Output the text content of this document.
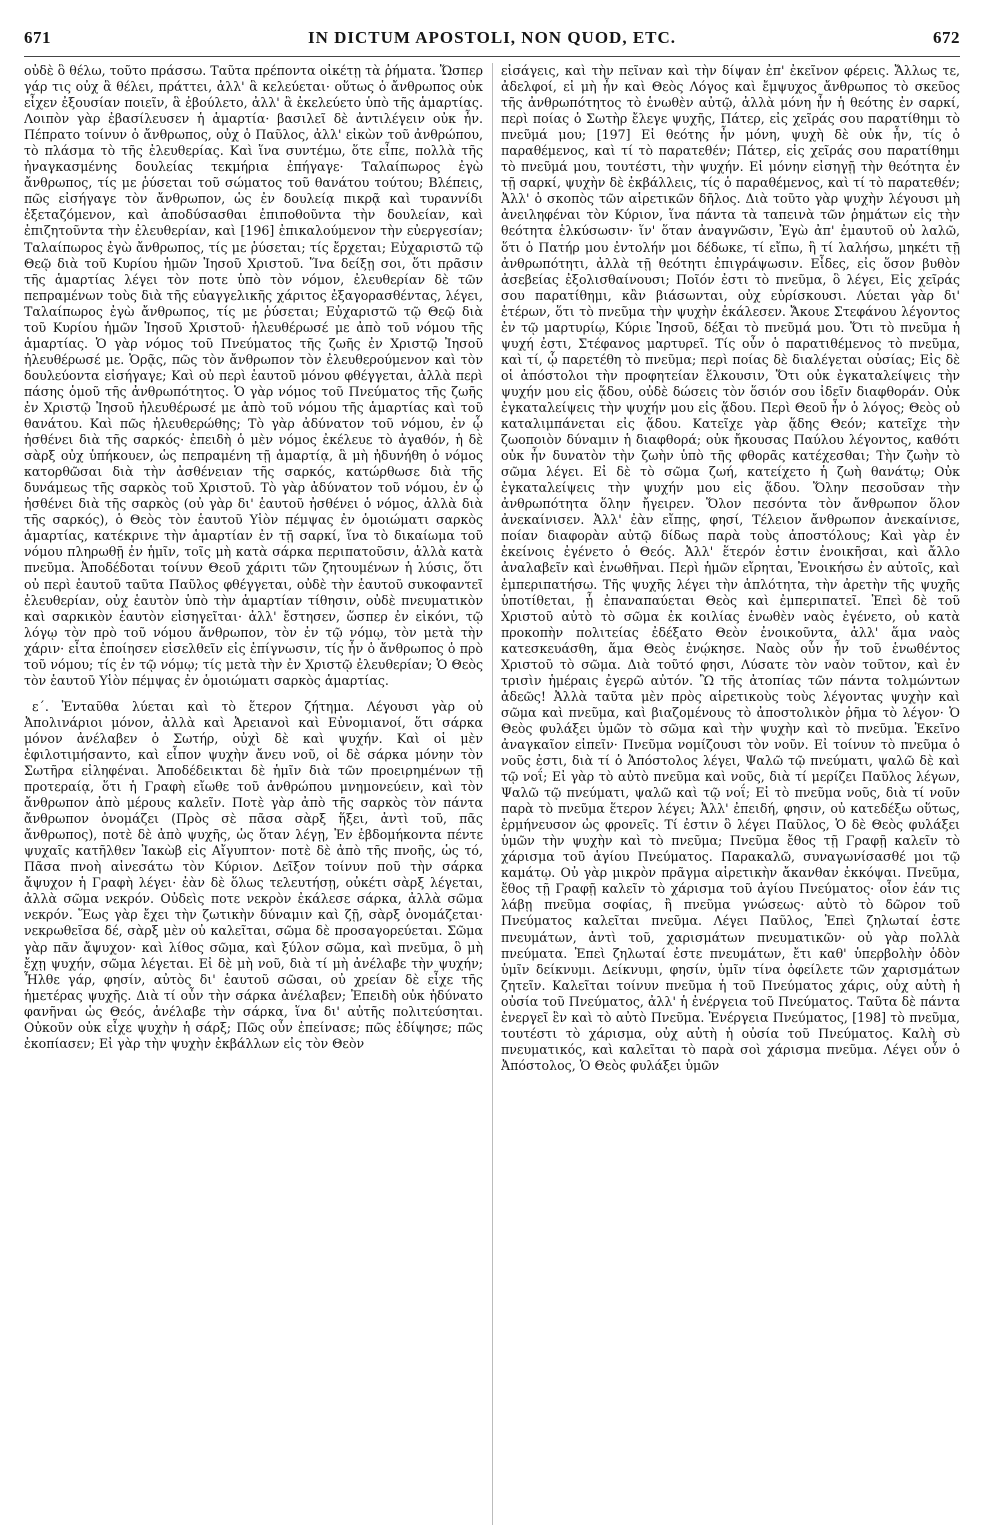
671	IN DICTUM APOSTOLI, NON QUOD, ETC.	672

οὐδὲ ὃ θέλω, τοῦτο πράσσω. Ταῦτα πρέποντα οἰκέτῃ τὰ ῥήματα. Ὥσπερ γάρ τις οὐχ ἃ θέλει, πράττει, ἀλλ' ἃ κελεύεται· οὕτως ὁ ἄνθρωπος οὐκ εἶχεν ἐξουσίαν ποιεῖν, ἃ ἐβούλετο, ἀλλ' ἃ ἐκελεύετο ὑπὸ τῆς ἁμαρτίας. Λοιπὸν γὰρ ἐβασίλευσεν ἡ ἁμαρτία· βασιλεῖ δὲ ἀντιλέγειν οὐκ ἦν. Πέπρατο τοίνυν ὁ ἄνθρωπος, οὐχ ὁ Παῦλος, ἀλλ' εἰκὼν τοῦ ἀνθρώπου, τὸ πλάσμα τὸ τῆς ἐλευθερίας. Καὶ ἵνα συντέμω, ὅτε εἶπε, πολλὰ τῆς ἠναγκασμένης δουλείας τεκμήρια ἐπήγαγε· Ταλαίπωρος ἐγὼ ἄνθρωπος, τίς με ῥύσεται τοῦ σώματος τοῦ θανάτου τούτου; Βλέπεις, πῶς εἰσήγαγε τὸν ἄνθρωπον, ὡς ἐν δουλείᾳ πικρᾷ καὶ τυραννίδι ἐξεταζόμενον, καὶ ἀποδύσασθαι ἐπιποθοῦντα τὴν δουλείαν, καὶ ἐπιζητοῦντα τὴν ἐλευθερίαν, καὶ [196] ἐπικαλούμενον τὴν εὐεργεσίαν; Ταλαίπωρος ἐγὼ ἄνθρωπος, τίς με ῥύσεται; τίς ἔρχεται; Εὐχαριστῶ τῷ Θεῷ διὰ τοῦ Κυρίου ἡμῶν Ἰησοῦ Χριστοῦ. Ἵνα δείξῃ σοι, ὅτι πρᾶσιν τῆς ἁμαρτίας λέγει τὸν ποτε ὑπὸ τὸν νόμον, ἐλευθερίαν δὲ τῶν πεπραμένων τοὺς διὰ τῆς εὐαγγελικῆς χάριτος ἐξαγορασθέντας, λέγει, Ταλαίπωρος ἐγὼ ἄνθρωπος, τίς με ῥύσεται; Εὐχαριστῶ τῷ Θεῷ διὰ τοῦ Κυρίου ἡμῶν Ἰησοῦ Χριστοῦ· ἠλευθέρωσέ με ἀπὸ τοῦ νόμου τῆς ἁμαρτίας. Ὁ γὰρ νόμος τοῦ Πνεύματος τῆς ζωῆς ἐν Χριστῷ Ἰησοῦ ἠλευθέρωσέ με. Ὁρᾷς, πῶς τὸν ἄνθρωπον τὸν ἐλευθερούμενον καὶ τὸν δουλεύοντα εἰσήγαγε; Καὶ οὐ περὶ ἑαυτοῦ μόνου φθέγγεται, ἀλλὰ περὶ πάσης ὁμοῦ τῆς ἀνθρωπότητος. Ὁ γὰρ νόμος τοῦ Πνεύματος τῆς ζωῆς ἐν Χριστῷ Ἰησοῦ ἠλευθέρωσέ με ἀπὸ τοῦ νόμου τῆς ἁμαρτίας καὶ τοῦ θανάτου. Καὶ πῶς ἠλευθερώθης; Τὸ γὰρ ἀδύνατον τοῦ νόμου, ἐν ᾧ ἠσθένει διὰ τῆς σαρκός· ἐπειδὴ ὁ μὲν νόμος ἐκέλευε τὸ ἀγαθόν, ἡ δὲ σὰρξ οὐχ ὑπήκουεν, ὡς πεπραμένη τῇ ἁμαρτίᾳ, ἃ μὴ ἠδυνήθη ὁ νόμος κατορθῶσαι διὰ τὴν ἀσθένειαν τῆς σαρκός, κατώρθωσε διὰ τῆς δυνάμεως τῆς σαρκὸς τοῦ Χριστοῦ. Τὸ γὰρ ἀδύνατον τοῦ νόμου, ἐν ᾧ ἠσθένει διὰ τῆς σαρκὸς (οὐ γὰρ δι' ἑαυτοῦ ἠσθένει ὁ νόμος, ἀλλὰ διὰ τῆς σαρκός), ὁ Θεὸς τὸν ἑαυτοῦ Υἱὸν πέμψας ἐν ὁμοιώματι σαρκὸς ἁμαρτίας, κατέκρινε τὴν ἁμαρτίαν ἐν τῇ σαρκί, ἵνα τὸ δικαίωμα τοῦ νόμου πληρωθῇ ἐν ἡμῖν, τοῖς μὴ κατὰ σάρκα περιπατοῦσιν, ἀλλὰ κατὰ πνεῦμα. Ἀποδέδοται τοίνυν Θεοῦ χάριτι τῶν ζητουμένων ἡ λύσις, ὅτι οὐ περὶ ἑαυτοῦ ταῦτα Παῦλος φθέγγεται, οὐδὲ τὴν ἑαυτοῦ συκοφαντεῖ ἐλευθερίαν, οὐχ ἑαυτὸν ὑπὸ τὴν ἁμαρτίαν τίθησιν, οὐδὲ πνευματικὸν καὶ σαρκικὸν ἑαυτὸν εἰσηγεῖται· ἀλλ' ἔστησεν, ὥσπερ ἐν εἰκόνι, τῷ λόγῳ τὸν πρὸ τοῦ νόμου ἄνθρωπον, τὸν ἐν τῷ νόμῳ, τὸν μετὰ τὴν χάριν· εἶτα ἐποίησεν εἰσελθεῖν εἰς ἐπίγνωσιν, τίς ἦν ὁ ἄνθρωπος ὁ πρὸ τοῦ νόμου; τίς ἐν τῷ νόμῳ; τίς μετὰ τὴν ἐν Χριστῷ ἐλευθερίαν; Ὁ Θεὸς τὸν ἑαυτοῦ Υἱὸν πέμψας ἐν ὁμοιώματι σαρκὸς ἁμαρτίας.

ε΄. Ἐνταῦθα λύεται καὶ τὸ ἕτερον ζήτημα. Λέγουσι γὰρ οὐ Ἀπολινάριοι μόνον, ἀλλὰ καὶ Ἀρειανοὶ καὶ Εὐνομιανοί, ὅτι σάρκα μόνον ἀνέλαβεν ὁ Σωτήρ, οὐχὶ δὲ καὶ ψυχήν. Καὶ οἱ μὲν ἐφιλοτιμήσαντο, καὶ εἶπον ψυχὴν ἄνευ νοῦ, οἱ δὲ σάρκα μόνην τὸν Σωτῆρα εἰληφέναι. Ἀποδέδεικται δὲ ἡμῖν διὰ τῶν προειρημένων τῇ προτεραίᾳ, ὅτι ἡ Γραφὴ εἴωθε τοῦ ἀνθρώπου μνημονεύειν, καὶ τὸν ἄνθρωπον ἀπὸ μέρους καλεῖν. Ποτὲ γὰρ ἀπὸ τῆς σαρκὸς τὸν πάντα ἄνθρωπον ὀνομάζει (Πρὸς σὲ πᾶσα σὰρξ ἥξει, ἀντὶ τοῦ, πᾶς ἄνθρωπος), ποτὲ δὲ ἀπὸ ψυχῆς, ὡς ὅταν λέγῃ, Ἐν ἑβδομήκοντα πέντε ψυχαῖς κατῆλθεν Ἰακὼβ εἰς Αἴγυπτον· ποτὲ δὲ ἀπὸ τῆς πνοῆς, ὡς τό, Πᾶσα πνοὴ αἰνεσάτω τὸν Κύριον. Δεῖξον τοίνυν ποῦ τὴν σάρκα ἄψυχον ἡ Γραφὴ λέγει· ἐὰν δὲ ὅλως τελευτήσῃ, οὐκέτι σὰρξ λέγεται, ἀλλὰ σῶμα νεκρόν. Οὐδεὶς ποτε νεκρὸν ἐκάλεσε σάρκα, ἀλλὰ σῶμα νεκρόν. Ἕως γὰρ ἔχει τὴν ζωτικὴν δύναμιν καὶ ζῇ, σὰρξ ὀνομάζεται· νεκρωθεῖσα δέ, σὰρξ μὲν οὐ καλεῖται, σῶμα δὲ προσαγορεύεται. Σῶμα γὰρ πᾶν ἄψυχον· καὶ λίθος σῶμα, καὶ ξύλον σῶμα, καὶ πνεῦμα, ὃ μὴ ἔχῃ ψυχήν, σῶμα λέγεται. Εἰ δὲ μὴ νοῦ, διὰ τί μὴ ἀνέλαβε τὴν ψυχήν; Ἦλθε γάρ, φησίν, αὐτὸς δι' ἑαυτοῦ σῶσαι, οὐ χρείαν δὲ εἶχε τῆς ἡμετέρας ψυχῆς. Διὰ τί οὖν τὴν σάρκα ἀνέλαβεν; Ἐπειδὴ οὐκ ἠδύνατο φανῆναι ὡς Θεός, ἀνέλαβε τὴν σάρκα, ἵνα δι' αὐτῆς πολιτεύσηται. Οὐκοῦν οὐκ εἶχε ψυχὴν ἡ σάρξ; Πῶς οὖν ἐπείνασε; πῶς ἐδίψησε; πῶς ἐκοπίασεν; Εἰ γὰρ τὴν ψυχὴν ἐκβάλλων εἰς τὸν Θεὸν

εἰσάγεις, καὶ τὴν πεῖναν καὶ τὴν δίψαν ἐπ' ἐκεῖνον φέρεις. Ἄλλως τε, ἀδελφοί, εἰ μὴ ἦν καὶ Θεὸς Λόγος καὶ ἔμψυχος ἄνθρωπος τὸ σκεῦος τῆς ἀνθρωπότητος τὸ ἑνωθὲν αὐτῷ, ἀλλὰ μόνη ἦν ἡ θεότης ἐν σαρκί, περὶ ποίας ὁ Σωτὴρ ἔλεγε ψυχῆς, Πάτερ, εἰς χεῖράς σου παρατίθημι τὸ πνεῦμά μου; [197] Εἰ θεότης ἦν μόνη, ψυχὴ δὲ οὐκ ἦν, τίς ὁ παραθέμενος, καὶ τί τὸ παρατεθέν; Πάτερ, εἰς χεῖράς σου παρατίθημι τὸ πνεῦμά μου, τουτέστι, τὴν ψυχήν. Εἰ μόνην εἰσηγῇ τὴν θεότητα ἐν τῇ σαρκί, ψυχὴν δὲ ἐκβάλλεις, τίς ὁ παραθέμενος, καὶ τί τὸ παρατεθέν; Ἀλλ' ὁ σκοπὸς τῶν αἱρετικῶν δῆλος. Διὰ τοῦτο γὰρ ψυχὴν λέγουσι μὴ ἀνειληφέναι τὸν Κύριον, ἵνα πάντα τὰ ταπεινὰ τῶν ῥημάτων εἰς τὴν θεότητα ἑλκύσωσιν· ἵν' ὅταν ἀναγνῶσιν, Ἐγὼ ἀπ' ἐμαυτοῦ οὐ λαλῶ, ὅτι ὁ Πατήρ μου ἐντολήν μοι δέδωκε, τί εἴπω, ἢ τί λαλήσω, μηκέτι τῇ ἀνθρωπότητι, ἀλλὰ τῇ θεότητι ἐπιγράψωσιν. Εἶδες, εἰς ὅσον βυθὸν ἀσεβείας ἐξολισθαίνουσι; Ποῖόν ἐστι τὸ πνεῦμα, ὃ λέγει, Εἰς χεῖράς σου παρατίθημι, κἂν βιάσωνται, οὐχ εὑρίσκουσι. Λύεται γὰρ δι' ἑτέρων, ὅτι τὸ πνεῦμα τὴν ψυχὴν ἐκάλεσεν. Ἄκουε Στεφάνου λέγοντος ἐν τῷ μαρτυρίῳ, Κύριε Ἰησοῦ, δέξαι τὸ πνεῦμά μου. Ὅτι τὸ πνεῦμα ἡ ψυχή ἐστι, Στέφανος μαρτυρεῖ. Τίς οὖν ὁ παρατιθέμενος τὸ πνεῦμα, καὶ τί, ᾧ παρετέθη τὸ πνεῦμα; περὶ ποίας δὲ διαλέγεται οὐσίας; Εἰς δὲ οἱ ἀπόστολοι τὴν προφητείαν ἕλκουσιν, Ὅτι οὐκ ἐγκαταλείψεις τὴν ψυχήν μου εἰς ᾅδου, οὐδὲ δώσεις τὸν ὅσιόν σου ἰδεῖν διαφθοράν. Οὐκ ἐγκαταλείψεις τὴν ψυχήν μου εἰς ᾅδου. Περὶ Θεοῦ ἦν ὁ λόγος; Θεὸς οὐ καταλιμπάνεται εἰς ᾅδου. Κατεῖχε γὰρ ᾅδης Θεόν; κατεῖχε τὴν ζωοποιὸν δύναμιν ἡ διαφθορά; οὐκ ἤκουσας Παύλου λέγοντος, καθότι οὐκ ἦν δυνατὸν τὴν ζωὴν ὑπὸ τῆς φθορᾶς κατέχεσθαι; Τὴν ζωὴν τὸ σῶμα λέγει. Εἰ δὲ τὸ σῶμα ζωή, κατείχετο ἡ ζωὴ θανάτῳ; Οὐκ ἐγκαταλείψεις τὴν ψυχήν μου εἰς ᾅδου. Ὅλην πεσοῦσαν τὴν ἀνθρωπότητα ὅλην ἤγειρεν. Ὅλον πεσόντα τὸν ἄνθρωπον ὅλον ἀνεκαίνισεν. Ἀλλ' ἐὰν εἴπῃς, φησί, Τέλειον ἄνθρωπον ἀνεκαίνισε, ποίαν διαφορὰν αὐτῷ δίδως παρὰ τοὺς ἀποστόλους; Καὶ γὰρ ἐν ἐκείνοις ἐγένετο ὁ Θεός. Ἀλλ' ἕτερόν ἐστιν ἐνοικῆσαι, καὶ ἄλλο ἀναλαβεῖν καὶ ἑνωθῆναι. Περὶ ἡμῶν εἴρηται, Ἐνοικήσω ἐν αὐτοῖς, καὶ ἐμπεριπατήσω. Τῆς ψυχῆς λέγει τὴν ἁπλότητα, τὴν ἀρετὴν τῆς ψυχῆς ὑποτίθεται, ᾗ ἐπαναπαύεται Θεὸς καὶ ἐμπεριπατεῖ. Ἐπεὶ δὲ τοῦ Χριστοῦ αὐτὸ τὸ σῶμα ἐκ κοιλίας ἑνωθὲν ναὸς ἐγένετο, οὐ κατὰ προκοπὴν πολιτείας ἐδέξατο Θεὸν ἐνοικοῦντα, ἀλλ' ἅμα ναὸς κατεσκευάσθη, ἅμα Θεὸς ἐνῴκησε. Ναὸς οὖν ἦν τοῦ ἑνωθέντος Χριστοῦ τὸ σῶμα. Διὰ τοῦτό φησι, Λύσατε τὸν ναὸν τοῦτον, καὶ ἐν τρισὶν ἡμέραις ἐγερῶ αὐτόν. Ὢ τῆς ἀτοπίας τῶν πάντα τολμώντων ἀδεῶς! Ἀλλὰ ταῦτα μὲν πρὸς αἱρετικοὺς τοὺς λέγοντας ψυχὴν καὶ σῶμα καὶ πνεῦμα, καὶ βιαζομένους τὸ ἀποστολικὸν ῥῆμα τὸ λέγον· Ὁ Θεὸς φυλάξει ὑμῶν τὸ σῶμα καὶ τὴν ψυχὴν καὶ τὸ πνεῦμα. Ἐκεῖνο ἀναγκαῖον εἰπεῖν· Πνεῦμα νομίζουσι τὸν νοῦν. Εἰ τοίνυν τὸ πνεῦμα ὁ νοῦς ἐστι, διὰ τί ὁ Ἀπόστολος λέγει, Ψαλῶ τῷ πνεύματι, ψαλῶ δὲ καὶ τῷ νοΐ; Εἰ γὰρ τὸ αὐτὸ πνεῦμα καὶ νοῦς, διὰ τί μερίζει Παῦλος λέγων, Ψαλῶ τῷ πνεύματι, ψαλῶ καὶ τῷ νοΐ; Εἰ τὸ πνεῦμα νοῦς, διὰ τί νοῦν παρὰ τὸ πνεῦμα ἕτερον λέγει; Ἀλλ' ἐπειδή, φησιν, οὐ κατεδέξω οὕτως, ἑρμήνευσον ὡς φρονεῖς. Τί ἐστιν ὃ λέγει Παῦλος, Ὁ δὲ Θεὸς φυλάξει ὑμῶν τὴν ψυχὴν καὶ τὸ πνεῦμα; Πνεῦμα ἔθος τῇ Γραφῇ καλεῖν τὸ χάρισμα τοῦ ἁγίου Πνεύματος. Παρακαλῶ, συναγωνίσασθέ μοι τῷ καμάτῳ. Οὐ γὰρ μικρὸν πρᾶγμα αἱρετικὴν ἄκανθαν ἐκκόψαι. Πνεῦμα, ἔθος τῇ Γραφῇ καλεῖν τὸ χάρισμα τοῦ ἁγίου Πνεύματος· οἷον ἐάν τις λάβῃ πνεῦμα σοφίας, ἢ πνεῦμα γνώσεως· αὐτὸ τὸ δῶρον τοῦ Πνεύματος καλεῖται πνεῦμα. Λέγει Παῦλος, Ἐπεὶ ζηλωταί ἐστε πνευμάτων, ἀντὶ τοῦ, χαρισμάτων πνευματικῶν· οὐ γὰρ πολλὰ πνεύματα. Ἐπεὶ ζηλωταί ἐστε πνευμάτων, ἔτι καθ' ὑπερβολὴν ὁδὸν ὑμῖν δείκνυμι. Δείκνυμι, φησίν, ὑμῖν τίνα ὀφείλετε τῶν χαρισμάτων ζητεῖν. Καλεῖται τοίνυν πνεῦμα ἡ τοῦ Πνεύματος χάρις, οὐχ αὐτὴ ἡ οὐσία τοῦ Πνεύματος, ἀλλ' ἡ ἐνέργεια τοῦ Πνεύματος. Ταῦτα δὲ πάντα ἐνεργεῖ ἓν καὶ τὸ αὐτὸ Πνεῦμα. Ἐνέργεια Πνεύματος, [198] τὸ πνεῦμα, τουτέστι τὸ χάρισμα, οὐχ αὐτὴ ἡ οὐσία τοῦ Πνεύματος. Καλὴ σὺ πνευματικός, καὶ καλεῖται τὸ παρὰ σοὶ χάρισμα πνεῦμα. Λέγει οὖν ὁ Ἀπόστολος, Ὁ Θεὸς φυλάξει ὑμῶν
